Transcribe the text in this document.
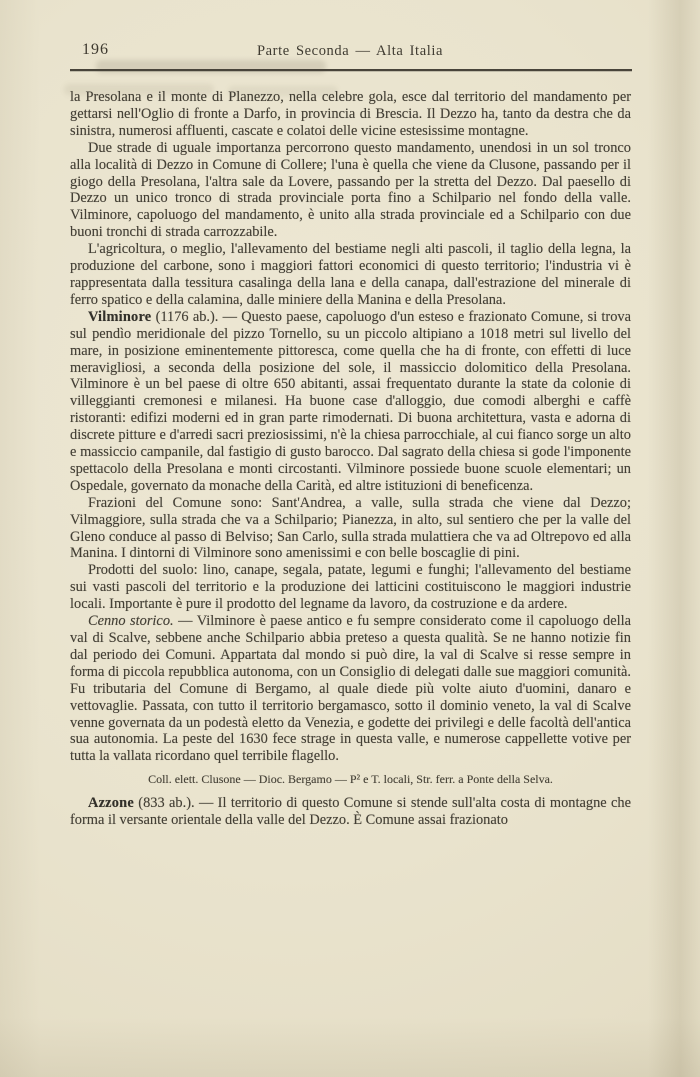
196	Parte Seconda — Alta Italia

la Presolana e il monte di Planezzo, nella celebre gola, esce dal territorio del mandamento per gettarsi nell'Oglio di fronte a Darfo, in provincia di Brescia. Il Dezzo ha, tanto da destra che da sinistra, numerosi affluenti, cascate e colatoi delle vicine estesissime montagne.

Due strade di uguale importanza percorrono questo mandamento, unendosi in un sol tronco alla località di Dezzo in Comune di Collere; l'una è quella che viene da Clusone, passando per il giogo della Presolana, l'altra sale da Lovere, passando per la stretta del Dezzo. Dal paesello di Dezzo un unico tronco di strada provinciale porta fino a Schilpario nel fondo della valle. Vilminore, capoluogo del mandamento, è unito alla strada provinciale ed a Schilpario con due buoni tronchi di strada carrozzabile.

L'agricoltura, o meglio, l'allevamento del bestiame negli alti pascoli, il taglio della legna, la produzione del carbone, sono i maggiori fattori economici di questo territorio; l'industria vi è rappresentata dalla tessitura casalinga della lana e della canapa, dall'estrazione del minerale di ferro spatico e della calamina, dalle miniere della Manina e della Presolana.

Vilminore (1176 ab.). — Questo paese, capoluogo d'un esteso e frazionato Comune, si trova sul pendìo meridionale del pizzo Tornello, su un piccolo altipiano a 1018 metri sul livello del mare, in posizione eminentemente pittoresca, come quella che ha di fronte, con effetti di luce meravigliosi, a seconda della posizione del sole, il massiccio dolomitico della Presolana. Vilminore è un bel paese di oltre 650 abitanti, assai frequentato durante la state da colonie di villeggianti cremonesi e milanesi. Ha buone case d'alloggio, due comodi alberghi e caffè ristoranti: edifizi moderni ed in gran parte rimodernati. Di buona architettura, vasta e adorna di discrete pitture e d'arredi sacri preziosissimi, n'è la chiesa parrocchiale, al cui fianco sorge un alto e massiccio campanile, dal fastigio di gusto barocco. Dal sagrato della chiesa si gode l'imponente spettacolo della Presolana e monti circostanti. Vilminore possiede buone scuole elementari; un Ospedale, governato da monache della Carità, ed altre istituzioni di beneficenza.

Frazioni del Comune sono: Sant'Andrea, a valle, sulla strada che viene dal Dezzo; Vilmaggiore, sulla strada che va a Schilpario; Pianezza, in alto, sul sentiero che per la valle del Gleno conduce al passo di Belviso; San Carlo, sulla strada mulattiera che va ad Oltrepovo ed alla Manina. I dintorni di Vilminore sono amenissimi e con belle boscaglie di pini.

Prodotti del suolo: lino, canape, segala, patate, legumi e funghi; l'allevamento del bestiame sui vasti pascoli del territorio e la produzione dei latticini costituiscono le maggiori industrie locali. Importante è pure il prodotto del legname da lavoro, da costruzione e da ardere.

Cenno storico. — Vilminore è paese antico e fu sempre considerato come il capoluogo della val di Scalve, sebbene anche Schilpario abbia preteso a questa qualità. Se ne hanno notizie fin dal periodo dei Comuni. Appartata dal mondo si può dire, la val di Scalve si resse sempre in forma di piccola repubblica autonoma, con un Consiglio di delegati dalle sue maggiori comunità. Fu tributaria del Comune di Bergamo, al quale diede più volte aiuto d'uomini, danaro e vettovaglie. Passata, con tutto il territorio bergamasco, sotto il dominio veneto, la val di Scalve venne governata da un podestà eletto da Venezia, e godette dei privilegi e delle facoltà dell'antica sua autonomia. La peste del 1630 fece strage in questa valle, e numerose cappellette votive per tutta la vallata ricordano quel terribile flagello.

Coll. elett. Clusone — Dioc. Bergamo — P² e T. locali, Str. ferr. a Ponte della Selva.

Azzone (833 ab.). — Il territorio di questo Comune si stende sull'alta costa di montagne che forma il versante orientale della valle del Dezzo. È Comune assai frazionato
